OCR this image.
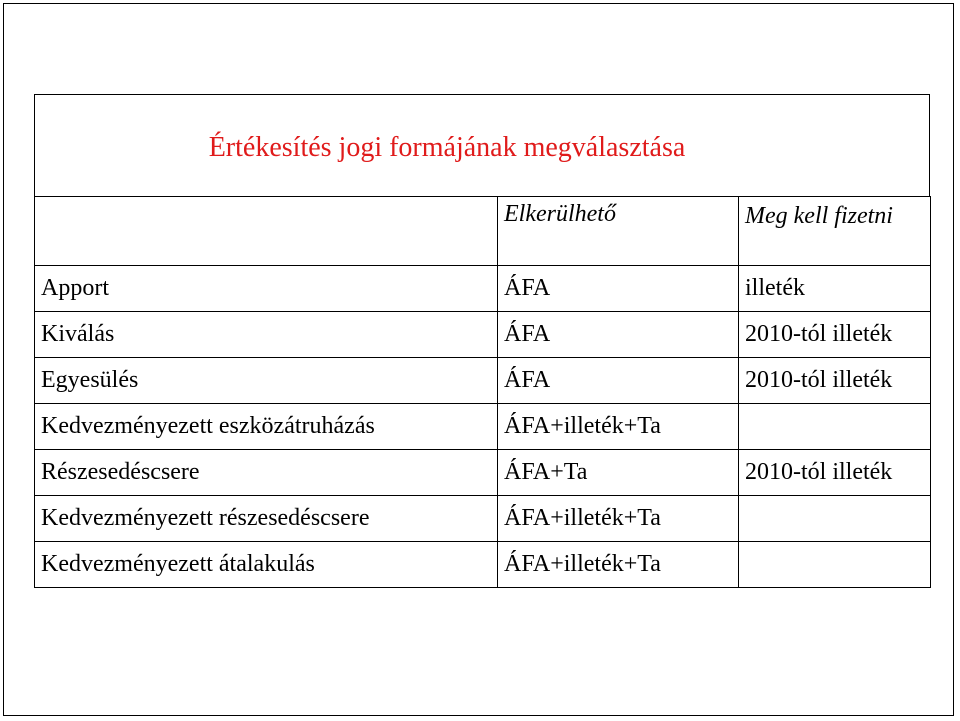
Értékesítés jogi formájának megválasztása
	Elkerülhető	Meg kell fizetni
Apport	ÁFA	illeték
Kiválás	ÁFA	2010-tól illeték
Egyesülés	ÁFA	2010-tól illeték
Kedvezményezett eszközátruházás	ÁFA+illeték+Ta	
Részesedéscsere	ÁFA+Ta	2010-tól illeték
Kedvezményezett részesedéscsere	ÁFA+illeték+Ta	
Kedvezményezett átalakulás	ÁFA+illeték+Ta	
